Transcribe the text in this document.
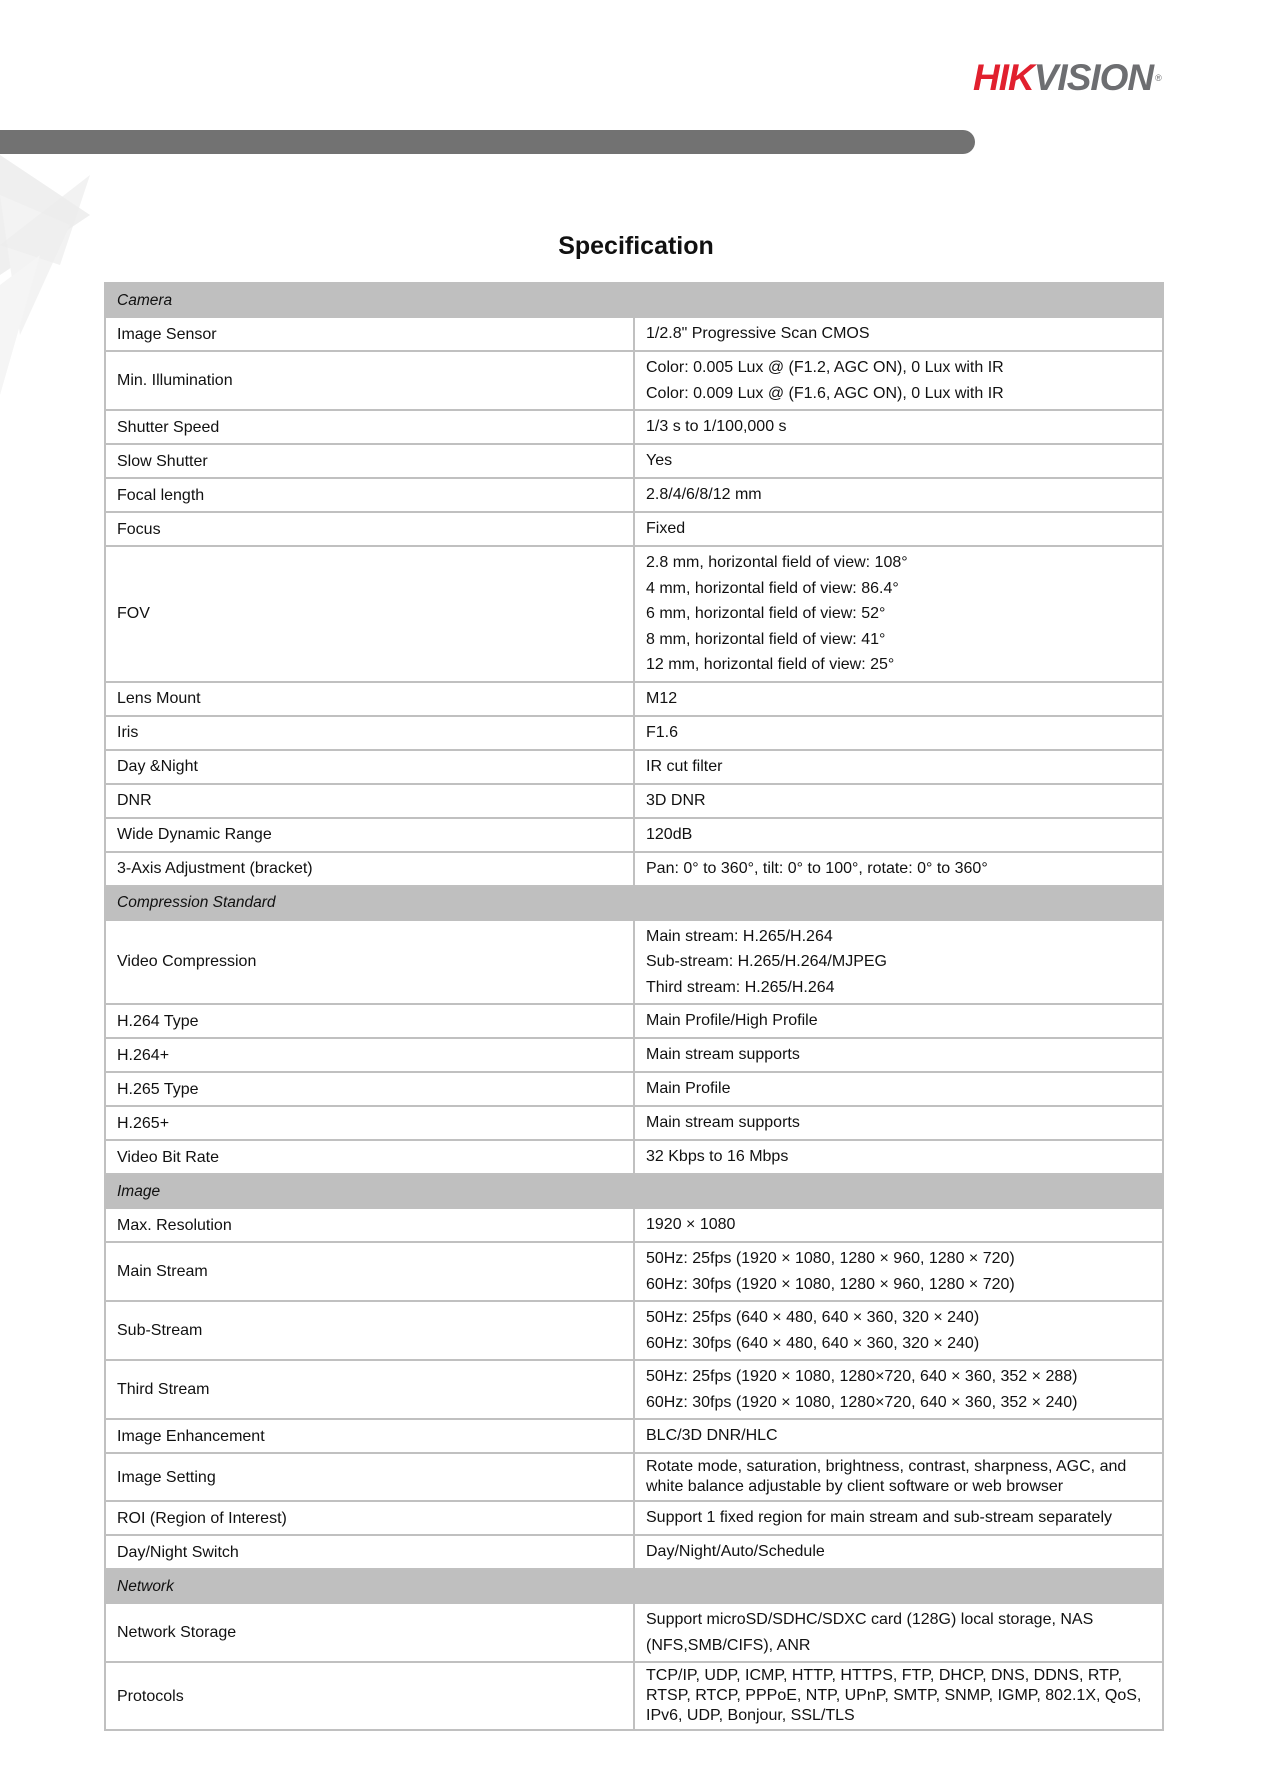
HIKVISION ®
Specification
Camera	
Image Sensor	1/2.8" Progressive Scan CMOS

Min. Illumination	Color: 0.005 Lux @ (F1.2, AGC ON), 0 Lux with IR
Color: 0.009 Lux @ (F1.6, AGC ON), 0 Lux with IR

Shutter Speed	1/3 s to 1/100,000 s

Slow Shutter	Yes

Focal length	2.8/4/6/8/12 mm

Focus	Fixed

FOV	2.8 mm, horizontal field of view: 108°
4 mm, horizontal field of view: 86.4°
6 mm, horizontal field of view: 52°
8 mm, horizontal field of view: 41°
12 mm, horizontal field of view: 25°

Lens Mount	M12

Iris	F1.6

Day &Night	IR cut filter

DNR	3D DNR

Wide Dynamic Range	120dB

3-Axis Adjustment (bracket)	Pan: 0° to 360°, tilt: 0° to 100°, rotate: 0° to 360°

Compression Standard	
Video Compression	Main stream: H.265/H.264
Sub-stream: H.265/H.264/MJPEG
Third stream: H.265/H.264

H.264 Type	Main Profile/High Profile

H.264+	Main stream supports

H.265 Type	Main Profile

H.265+	Main stream supports

Video Bit Rate	32 Kbps to 16 Mbps

Image	
Max. Resolution	1920 × 1080

Main Stream	50Hz: 25fps (1920 × 1080, 1280 × 960, 1280 × 720)
60Hz: 30fps (1920 × 1080, 1280 × 960, 1280 × 720)

Sub-Stream	50Hz: 25fps (640 × 480, 640 × 360, 320 × 240)
60Hz: 30fps (640 × 480, 640 × 360, 320 × 240)

Third Stream	50Hz: 25fps (1920 × 1080, 1280×720, 640 × 360, 352 × 288)
60Hz: 30fps (1920 × 1080, 1280×720, 640 × 360, 352 × 240)

Image Enhancement	BLC/3D DNR/HLC

Image Setting	Rotate mode, saturation, brightness, contrast, sharpness, AGC, and white balance adjustable by client software or web browser

ROI (Region of Interest)	Support 1 fixed region for main stream and sub-stream separately

Day/Night Switch	Day/Night/Auto/Schedule

Network	
Network Storage	Support microSD/SDHC/SDXC card (128G) local storage, NAS (NFS,SMB/CIFS), ANR

Protocols	TCP/IP, UDP, ICMP, HTTP, HTTPS, FTP, DHCP, DNS, DDNS, RTP, RTSP, RTCP, PPPoE, NTP, UPnP, SMTP, SNMP, IGMP, 802.1X, QoS, IPv6, UDP, Bonjour, SSL/TLS
